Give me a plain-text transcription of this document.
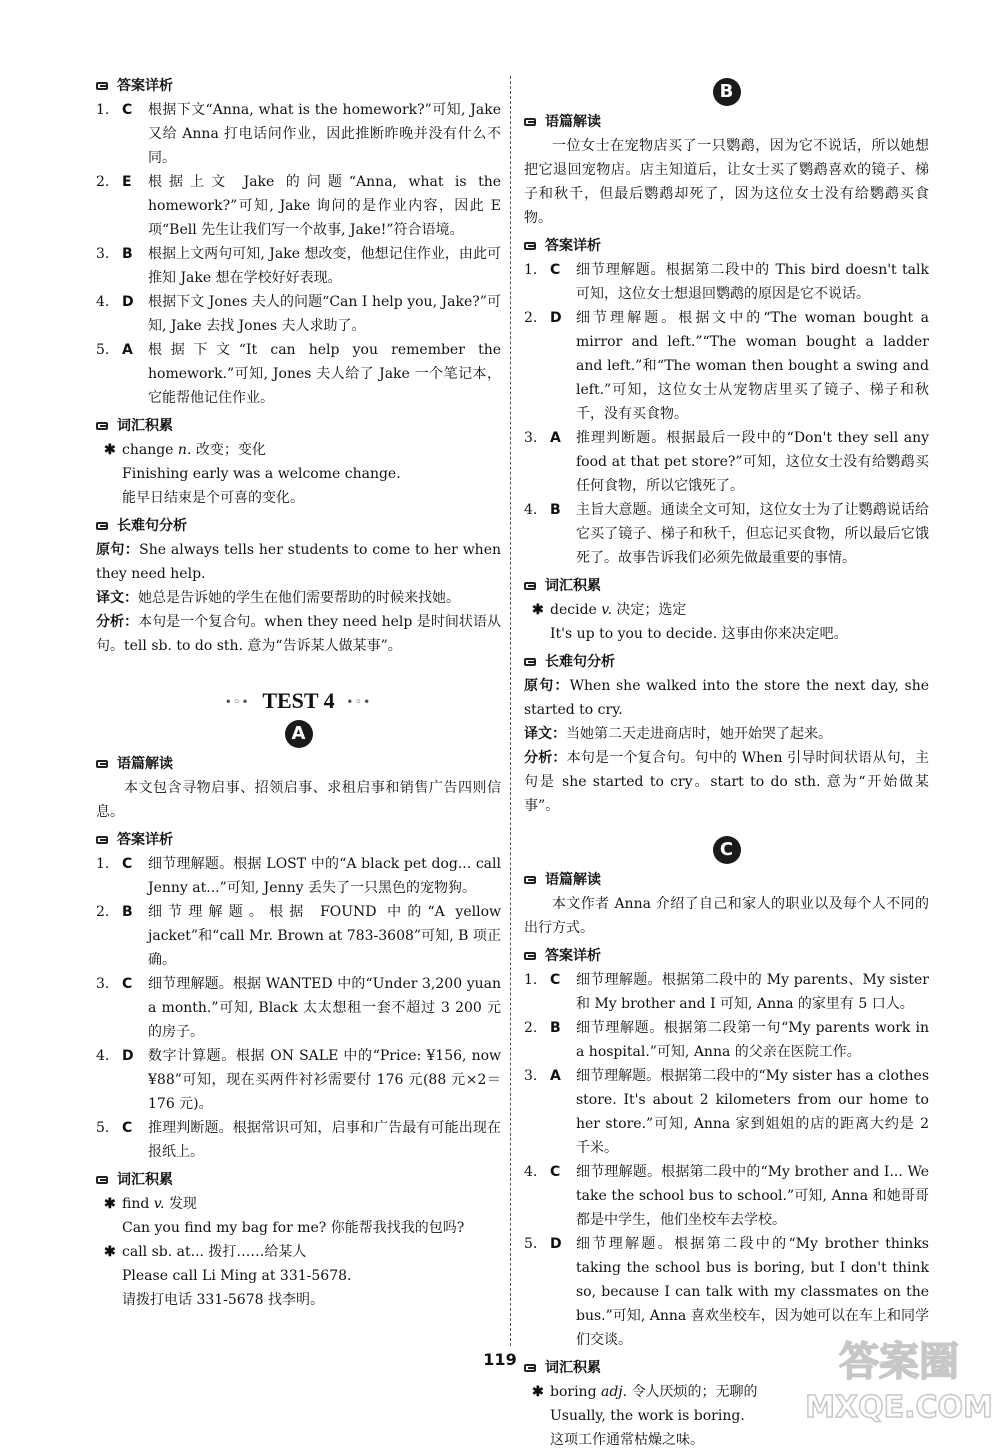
答案详析
1. C	根据下文“Anna, what is the homework?”可知, Jake又给 Anna 打电话问作业，因此推断昨晚并没有什么不同。
2. E	根据上文 Jake 的问题“Anna, what is the homework?”可知, Jake 询问的是作业内容，因此 E 项“Bell 先生让我们写一个故事, Jake!”符合语境。
3. B	根据上文两句可知, Jake 想改变，他想记住作业，由此可推知 Jake 想在学校好好表现。
4. D	根据下文 Jones 夫人的问题“Can I help you, Jake?”可知, Jake 去找 Jones 夫人求助了。
5. A	根据下文“It can help you remember the homework.”可知, Jones 夫人给了 Jake 一个笔记本，它能帮他记住作业。
词汇积累
✱ change n. 改变；变化
Finishing early was a welcome change.
能早日结束是个可喜的变化。
长难句分析
原句：She always tells her students to come to her when they need help.
译文：她总是告诉她的学生在他们需要帮助的时候来找她。
分析：本句是一个复合句。when they need help 是时间状语从句。tell sb. to do sth. 意为“告诉某人做某事”。
•◦• TEST 4 •◦•
A
语篇解读
本文包含寻物启事、招领启事、求租启事和销售广告四则信息。
答案详析
1. C	细节理解题。根据 LOST 中的“A black pet dog... call Jenny at...”可知, Jenny 丢失了一只黑色的宠物狗。
2. B	细节理解题。根据 FOUND 中的“A yellow jacket”和“call Mr. Brown at 783-3608”可知, B 项正确。
3. C	细节理解题。根据 WANTED 中的“Under 3,200 yuan a month.”可知, Black 太太想租一套不超过 3 200 元的房子。
4. D	数字计算题。根据 ON SALE 中的“Price: ¥156, now ¥88”可知，现在买两件衬衫需要付 176 元(88 元×2＝176 元)。
5. C	推理判断题。根据常识可知，启事和广告最有可能出现在报纸上。
词汇积累
✱ find v. 发现
Can you find my bag for me? 你能帮我找我的包吗?
✱ call sb. at... 拨打……给某人
Please call Li Ming at 331-5678.
请拨打电话 331-5678 找李明。
B
语篇解读
一位女士在宠物店买了一只鹦鹉，因为它不说话，所以她想把它退回宠物店。店主知道后，让女士买了鹦鹉喜欢的镜子、梯子和秋千，但最后鹦鹉却死了，因为这位女士没有给鹦鹉买食物。
答案详析
1. C	细节理解题。根据第二段中的 This bird doesn't talk 可知，这位女士想退回鹦鹉的原因是它不说话。
2. D	细节理解题。根据文中的“The woman bought a mirror and left.”“The woman bought a ladder and left.”和“The woman then bought a swing and left.”可知，这位女士从宠物店里买了镜子、梯子和秋千，没有买食物。
3. A	推理判断题。根据最后一段中的“Don't they sell any food at that pet store?”可知，这位女士没有给鹦鹉买任何食物，所以它饿死了。
4. B	主旨大意题。通读全文可知，这位女士为了让鹦鹉说话给它买了镜子、梯子和秋千，但忘记买食物，所以最后它饿死了。故事告诉我们必须先做最重要的事情。
词汇积累
✱ decide v. 决定；选定
It's up to you to decide. 这事由你来决定吧。
长难句分析
原句：When she walked into the store the next day, she started to cry.
译文：当她第二天走进商店时，她开始哭了起来。
分析：本句是一个复合句。句中的 When 引导时间状语从句，主句是 she started to cry。start to do sth. 意为“开始做某事”。
C
语篇解读
本文作者 Anna 介绍了自己和家人的职业以及每个人不同的出行方式。
答案详析
1. C	细节理解题。根据第二段中的 My parents、My sister 和 My brother and I 可知, Anna 的家里有 5 口人。
2. B	细节理解题。根据第二段第一句“My parents work in a hospital.”可知, Anna 的父亲在医院工作。
3. A	细节理解题。根据第二段中的“My sister has a clothes store. It's about 2 kilometers from our home to her store.”可知, Anna 家到姐姐的店的距离大约是 2 千米。
4. C	细节理解题。根据第二段中的“My brother and I... We take the school bus to school.”可知, Anna 和她哥哥都是中学生，他们坐校车去学校。
5. D	细节理解题。根据第二段中的“My brother thinks taking the school bus is boring, but I don't think so, because I can talk with my classmates on the bus.”可知, Anna 喜欢坐校车，因为她可以在车上和同学们交谈。
词汇积累
✱ boring adj. 令人厌烦的；无聊的
Usually, the work is boring.
这项工作通常枯燥之味。
119	答案圈
MXQE.COM
